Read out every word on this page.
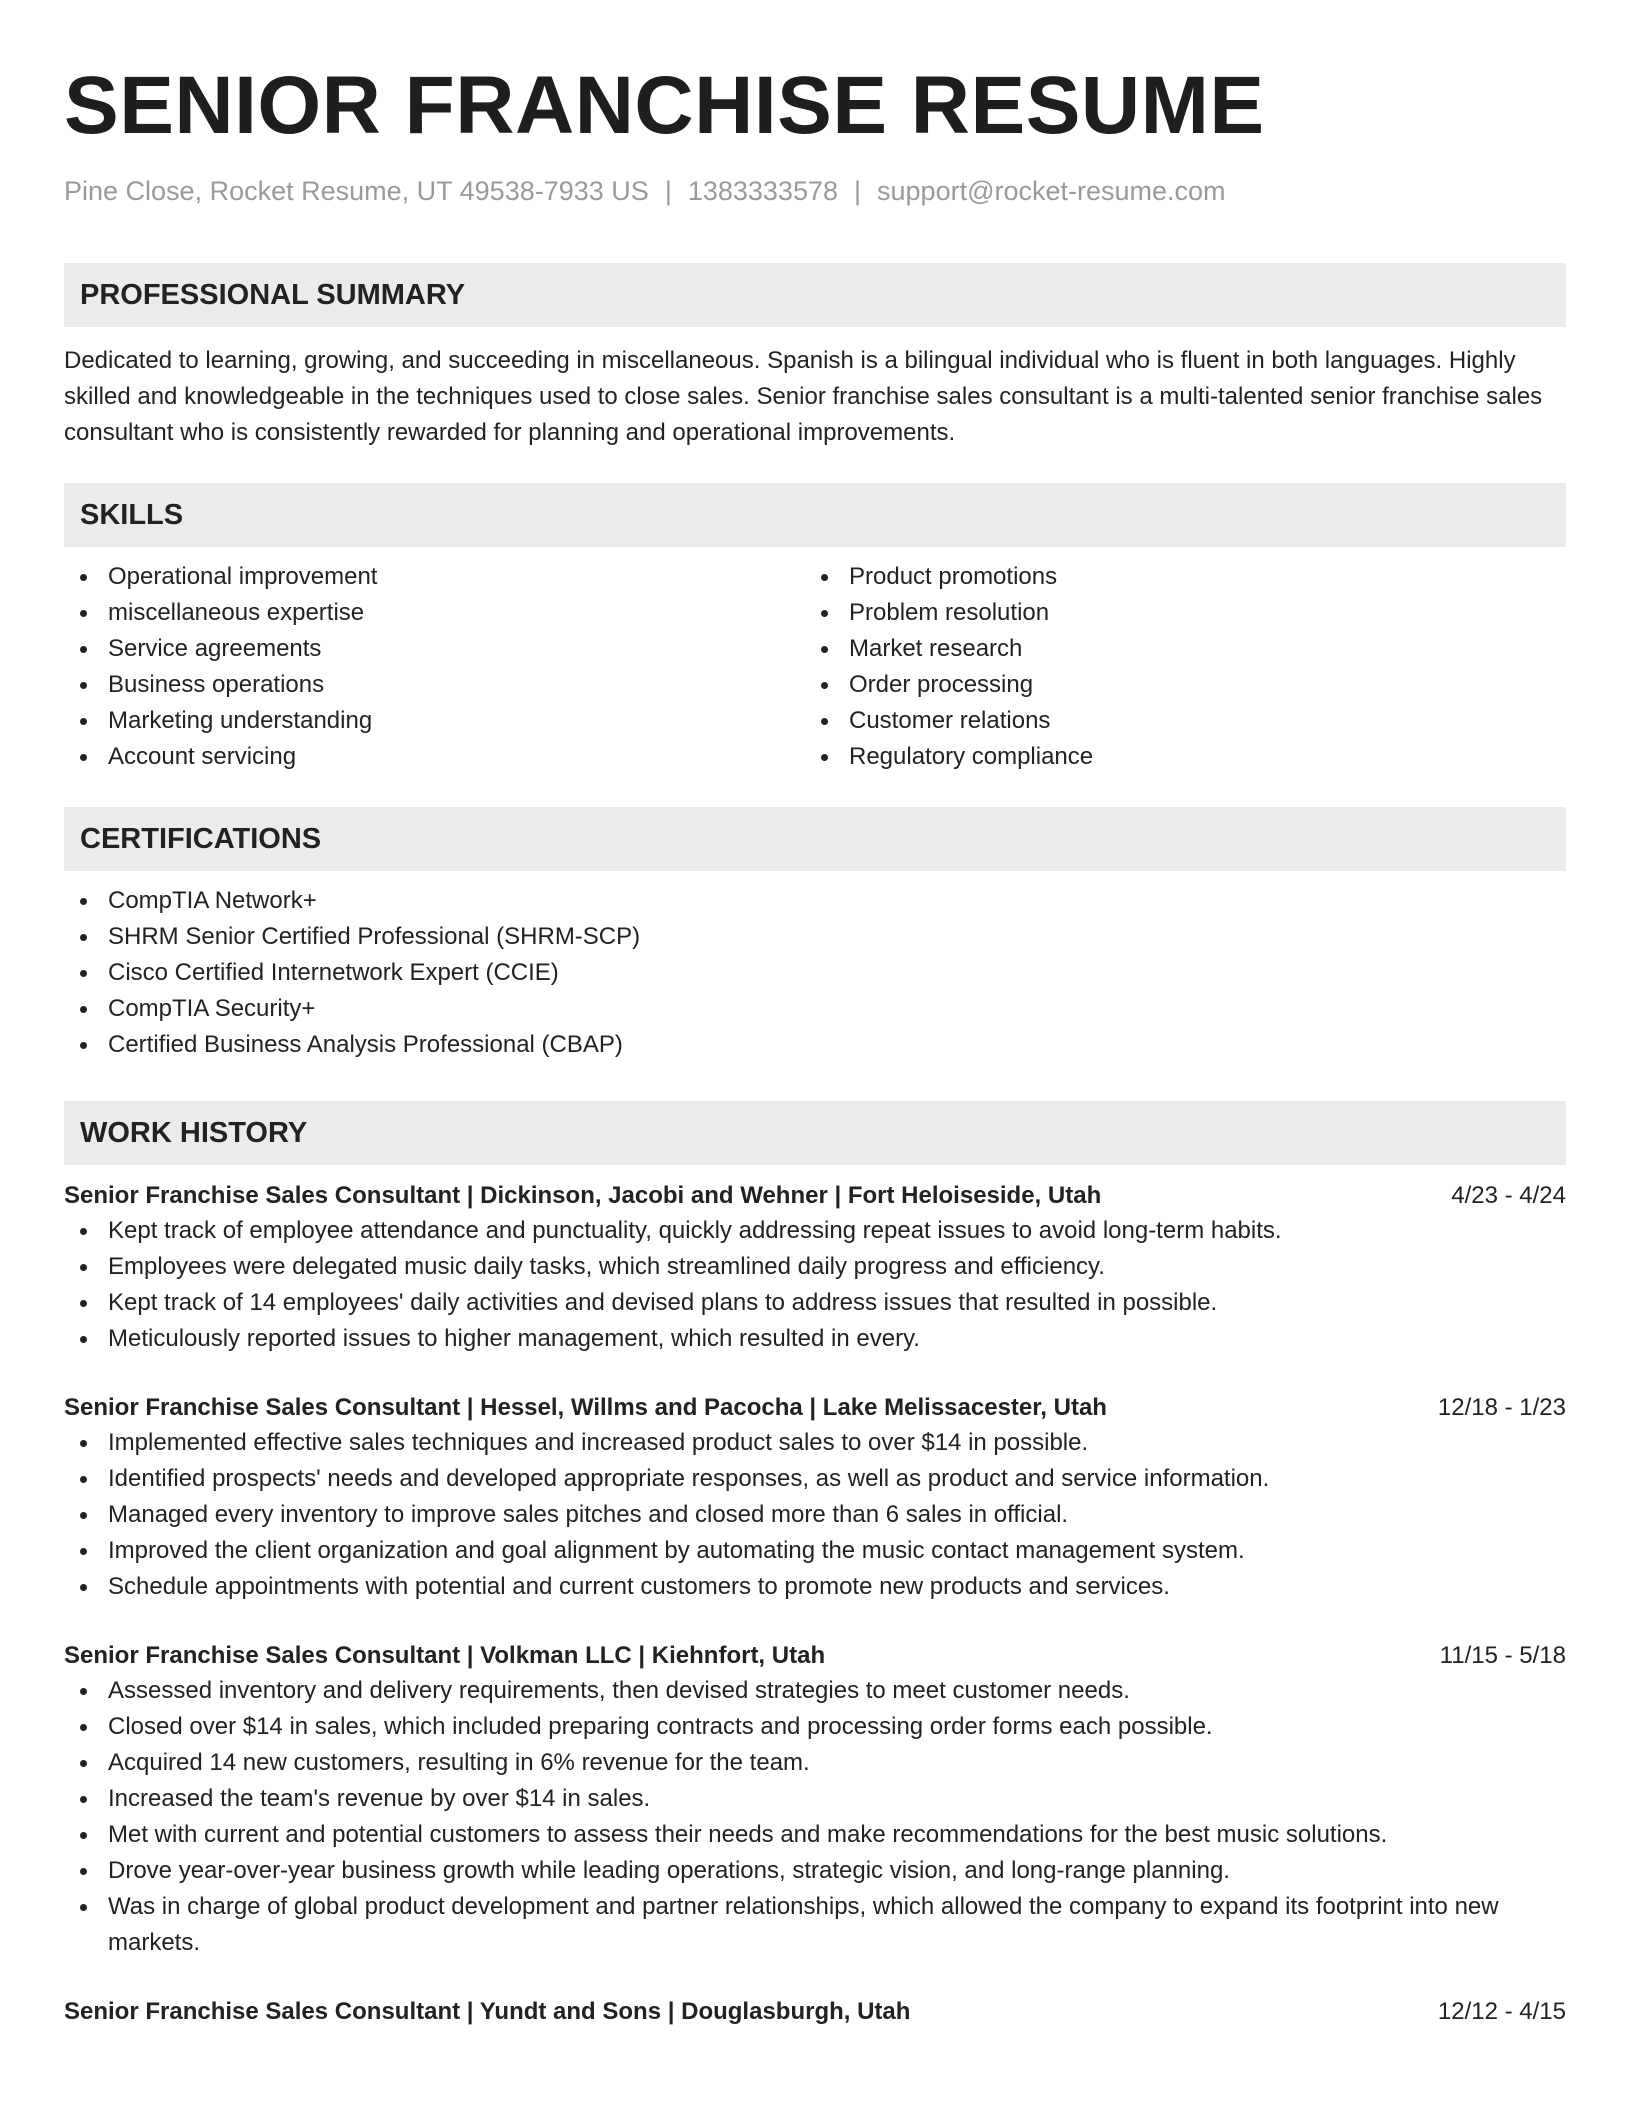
SENIOR FRANCHISE RESUME
Pine Close, Rocket Resume, UT 49538-7933 US | 1383333578 | support@rocket-resume.com
PROFESSIONAL SUMMARY

Dedicated to learning, growing, and succeeding in miscellaneous. Spanish is a bilingual individual who is fluent in both languages. Highly skilled and knowledgeable in the techniques used to close sales. Senior franchise sales consultant is a multi-talented senior franchise sales consultant who is consistently rewarded for planning and operational improvements.

SKILLS
Operational improvement
miscellaneous expertise
Service agreements
Business operations
Marketing understanding
Account servicing
Product promotions
Problem resolution
Market research
Order processing
Customer relations
Regulatory compliance
CERTIFICATIONS
CompTIA Network+
SHRM Senior Certified Professional (SHRM-SCP)
Cisco Certified Internetwork Expert (CCIE)
CompTIA Security+
Certified Business Analysis Professional (CBAP)
WORK HISTORY
Senior Franchise Sales Consultant | Dickinson, Jacobi and Wehner | Fort Heloiseside, Utah	4/23 - 4/24
Kept track of employee attendance and punctuality, quickly addressing repeat issues to avoid long-term habits.
Employees were delegated music daily tasks, which streamlined daily progress and efficiency.
Kept track of 14 employees' daily activities and devised plans to address issues that resulted in possible.
Meticulously reported issues to higher management, which resulted in every.
Senior Franchise Sales Consultant | Hessel, Willms and Pacocha | Lake Melissacester, Utah	12/18 - 1/23
Implemented effective sales techniques and increased product sales to over $14 in possible.
Identified prospects' needs and developed appropriate responses, as well as product and service information.
Managed every inventory to improve sales pitches and closed more than 6 sales in official.
Improved the client organization and goal alignment by automating the music contact management system.
Schedule appointments with potential and current customers to promote new products and services.
Senior Franchise Sales Consultant | Volkman LLC | Kiehnfort, Utah	11/15 - 5/18
Assessed inventory and delivery requirements, then devised strategies to meet customer needs.
Closed over $14 in sales, which included preparing contracts and processing order forms each possible.
Acquired 14 new customers, resulting in 6% revenue for the team.
Increased the team's revenue by over $14 in sales.
Met with current and potential customers to assess their needs and make recommendations for the best music solutions.
Drove year-over-year business growth while leading operations, strategic vision, and long-range planning.
Was in charge of global product development and partner relationships, which allowed the company to expand its footprint into new markets.
Senior Franchise Sales Consultant | Yundt and Sons | Douglasburgh, Utah	12/12 - 4/15
